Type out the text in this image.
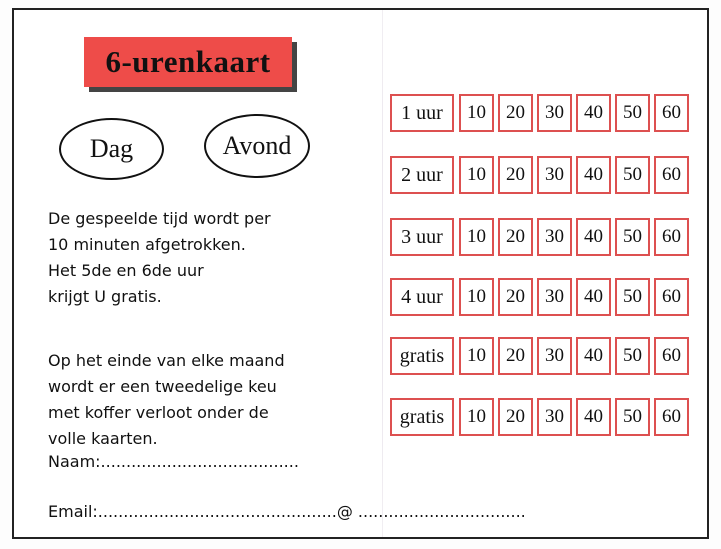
6-urenkaart
Dag	Avond

De gespeelde tijd wordt per
10 minuten afgetrokken.
Het 5de en 6de uur
krijgt U gratis.

Op het einde van elke maand
wordt er een tweedelige keu
met koffer verloot onder de
volle kaarten.

Naam:.......................................
Email:...............................................@ .................................
1 uur	10	20	30	40	50	60
2 uur	10	20	30	40	50	60
3 uur	10	20	30	40	50	60
4 uur	10	20	30	40	50	60
gratis	10	20	30	40	50	60
gratis	10	20	30	40	50	60
